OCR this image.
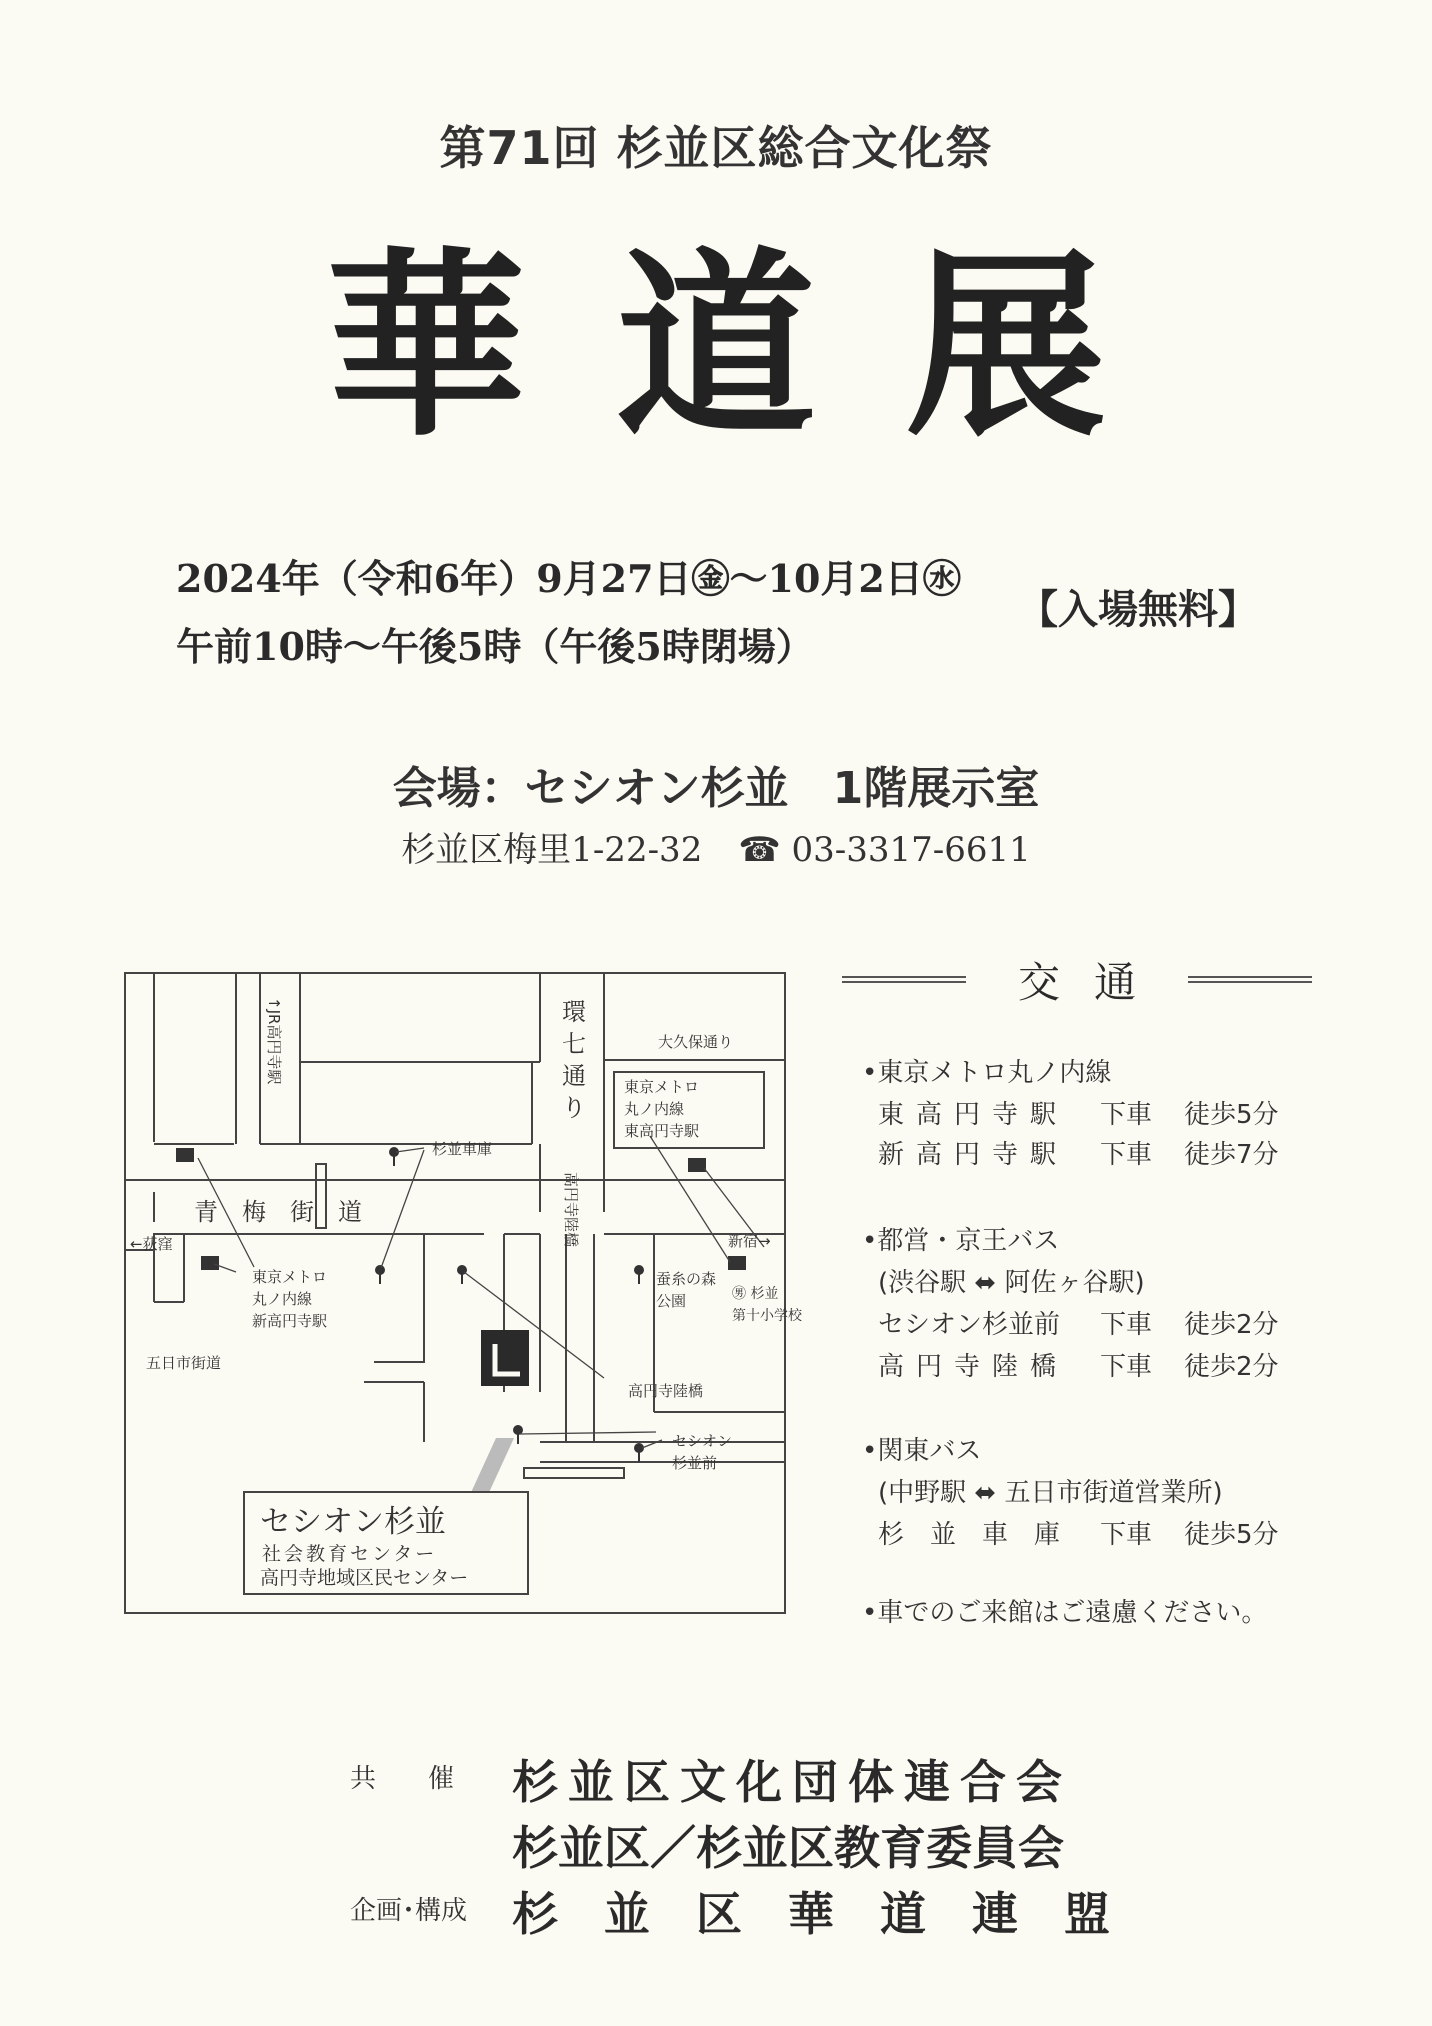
第71回 杉並区総合文化祭
華道展
2024年（令和6年）9月27日㊎～10月2日㊌
午前10時～午後5時（午後5時閉場）
【入場無料】
会場：セシオン杉並　1階展示室
杉並区梅里1-22-32 ☎ 03-3317-6611
環
七
通
り
大久保通り
↑JR高円寺駅
青　梅　街　道
←荻窪	新宿→
五日市街道
高円寺陸橋
杉並車庫
東京メトロ
丸ノ内線
東高円寺駅
東京メトロ
丸ノ内線
新高円寺駅
蚕糸の森
公園	㊚ 杉並
第十小学校
高円寺陸橋
セシオン
杉並前
セシオン杉並
社会教育センター
高円寺地域区民センター
交通
•東京メトロ丸ノ内線
東高円寺駅 下車 徒歩5分
新高円寺駅 下車 徒歩7分
•都営・京王バス
(渋谷駅 ⬌ 阿佐ヶ谷駅)
セシオン杉並前 下車 徒歩2分
高円寺陸橋 下車 徒歩2分
•関東バス
(中野駅 ⬌ 五日市街道営業所)
杉並車庫 下車 徒歩5分
•車でのご来館はご遠慮ください。
共　　催 杉並区文化団体連合会
杉並区／杉並区教育委員会
企画･構成 杉　並　区　華　道　連　盟
